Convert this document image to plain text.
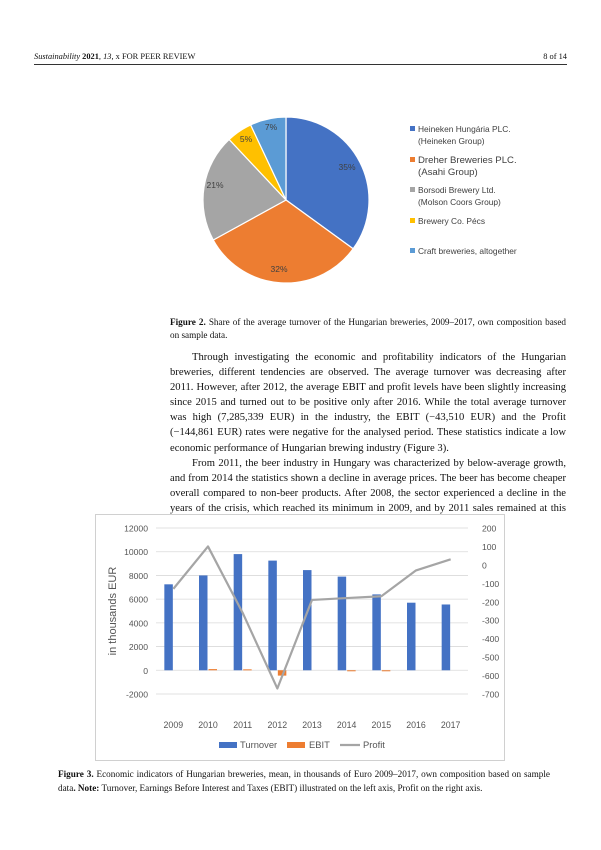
Sustainability 2021, 13, x FOR PEER REVIEW	8 of 14
35%
32%
21%
5%
7%	Heineken Hungária PLC.
(Heineken Group)
Dreher Breweries PLC.
(Asahi Group)
Borsodi Brewery Ltd.
(Molson Coors Group)
Brewery Co. Pécs
Craft breweries, altogether
Figure 2. Share of the average turnover of the Hungarian breweries, 2009–2017, own composition based on sample data.

Through investigating the economic and profitability indicators of the Hungarian breweries, different tendencies are observed. The average turnover was decreasing after 2011. However, after 2012, the average EBIT and profit levels have been slightly increasing since 2015 and turned out to be positive only after 2016. While the total average turnover was high (7,285,339 EUR) in the industry, the EBIT (−43,510 EUR) and the Profit (−144,861 EUR) rates were negative for the analysed period. These statistics indicate a low economic performance of Hungarian brewing industry (Figure 3).

From 2011, the beer industry in Hungary was characterized by below-average growth, and from 2014 the statistics shown a decline in average prices. The beer has become cheaper overall compared to non-beer products. After 2008, the sector experienced a decline in the years of the crisis, which reached its minimum in 2009, and by 2011 sales remained at this

12000
10000
8000
6000
4000
2000
0
-2000
200
100
0
-100
-200
-300
-400
-500
-600
-700
in thousands EUR
2009 2010 2011 2012 2013 2014 2015 2016 2017
Turnover	EBIT	Profit
Figure 3. Economic indicators of Hungarian breweries, mean, in thousands of Euro 2009–2017, own composition based on sample data. Note: Turnover, Earnings Before Interest and Taxes (EBIT) illustrated on the left axis, Profit on the right axis.
